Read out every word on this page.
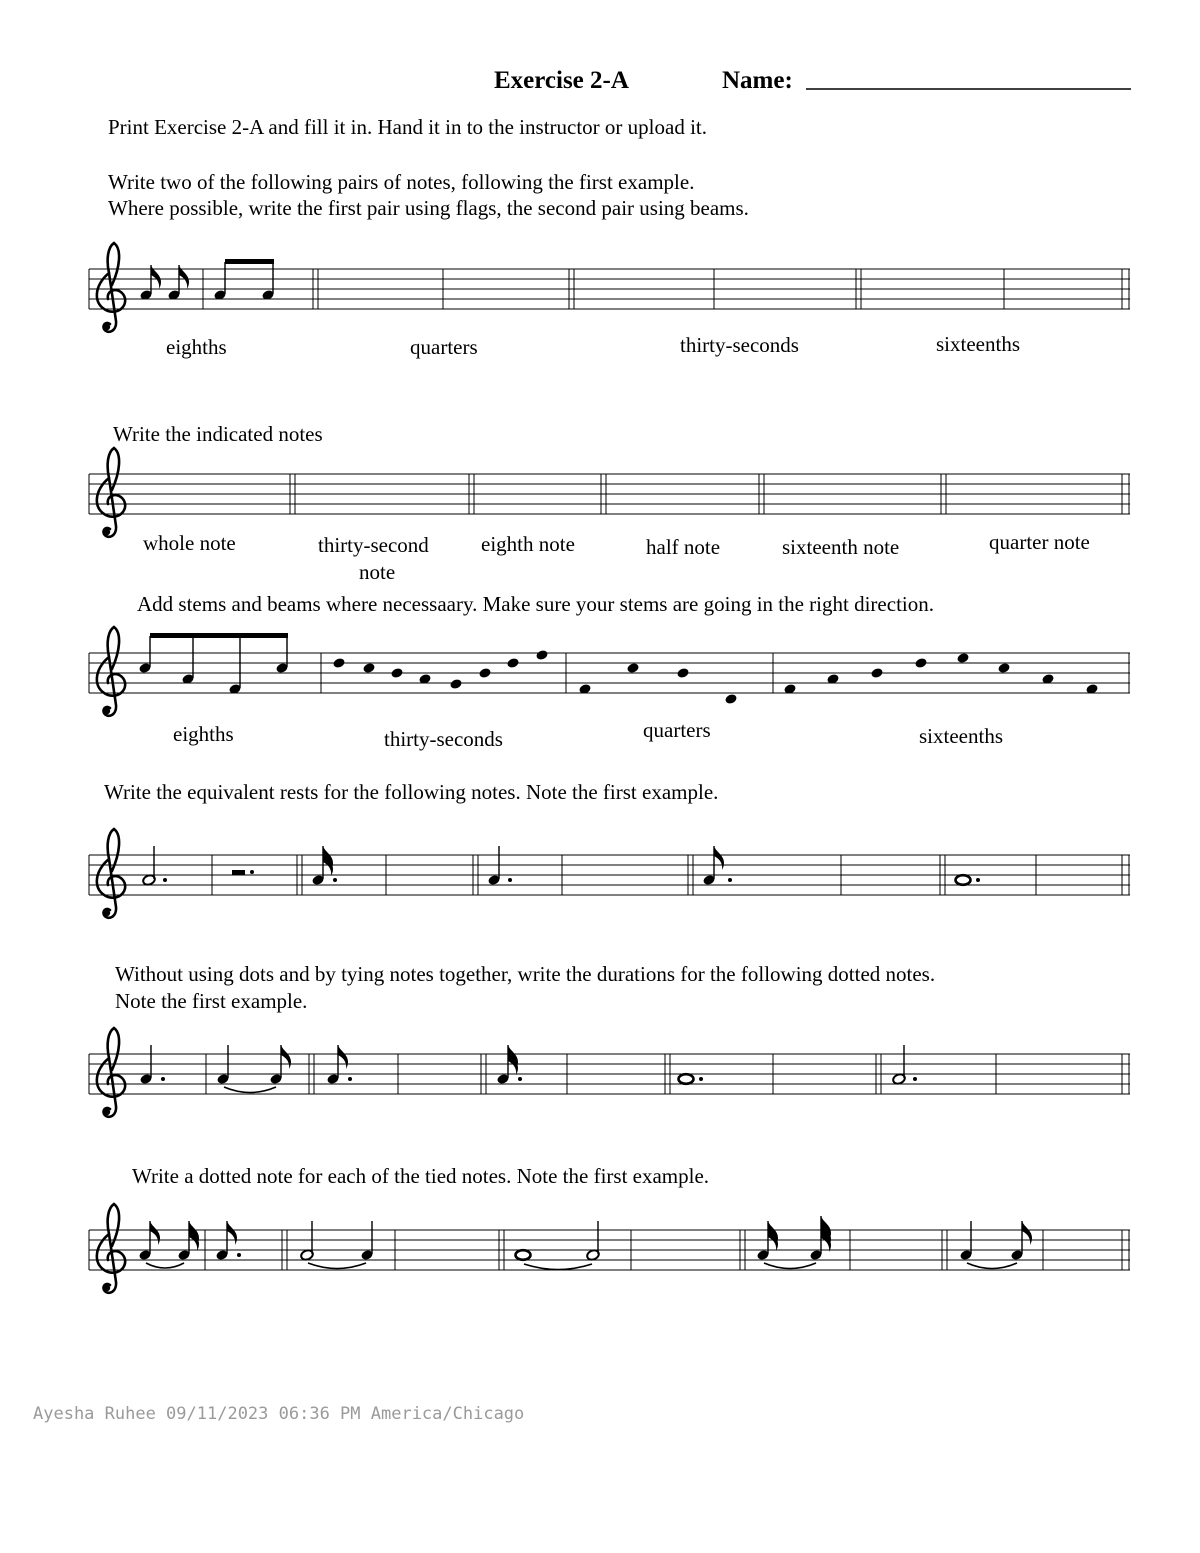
Exercise 2-A	Name:
Print Exercise 2-A and fill it in. Hand it in to the instructor or upload it.
Write two of the following pairs of notes, following the first example.
Where possible, write the first pair using flags, the second pair using beams.
eighths	quarters	thirty-seconds	sixteenths
Write the indicated notes
whole note	thirty-second
note
eighth note	half note	sixteenth note	quarter note
Add stems and beams where necessaary. Make sure your stems are going in the right direction.
eighths	thirty-seconds	quarters	sixteenths
Write the equivalent rests for the following notes. Note the first example.
Without using dots and by tying notes together, write the durations for the following dotted notes.
Note the first example.
Write a dotted note for each of the tied notes. Note the first example.
Ayesha Ruhee 09/11/2023 06:36 PM America/Chicago
